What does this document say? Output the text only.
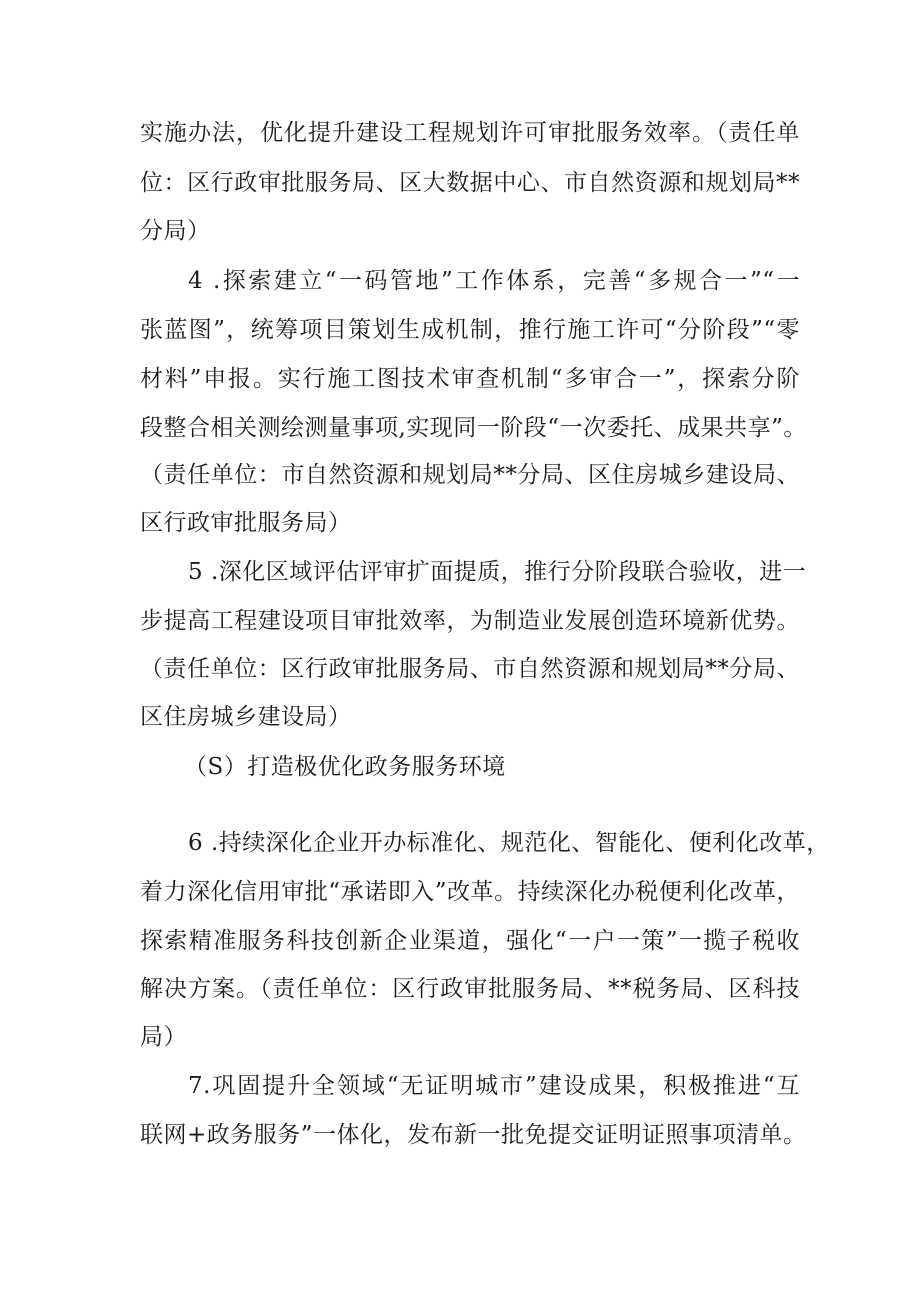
实施办法，优化提升建设工程规划许可审批服务效率。（责任单

位：区行政审批服务局、区大数据中心、市自然资源和规划局**

分局）

4 .探索建立“一码管地”工作体系，完善“多规合一”“一

张蓝图”，统筹项目策划生成机制，推行施工许可“分阶段”“零

材料”申报。实行施工图技术审查机制“多审合一”，探索分阶

段整合相关测绘测量事项,实现同一阶段“一次委托、成果共享”。

（责任单位：市自然资源和规划局**分局、区住房城乡建设局、

区行政审批服务局）

5 .深化区域评估评审扩面提质，推行分阶段联合验收，进一

步提高工程建设项目审批效率，为制造业发展创造环境新优势。

（责任单位：区行政审批服务局、市自然资源和规划局**分局、

区住房城乡建设局）

（S）打造极优化政务服务环境

6 .持续深化企业开办标准化、规范化、智能化、便利化改革，

着力深化信用审批“承诺即入”改革。持续深化办税便利化改革，

探索精准服务科技创新企业渠道，强化“一户一策”一揽子税收

解决方案。（责任单位：区行政审批服务局、**税务局、区科技

局）

7.巩固提升全领域“无证明城市”建设成果，积极推进“互

联网+政务服务”一体化，发布新一批免提交证明证照事项清单。
